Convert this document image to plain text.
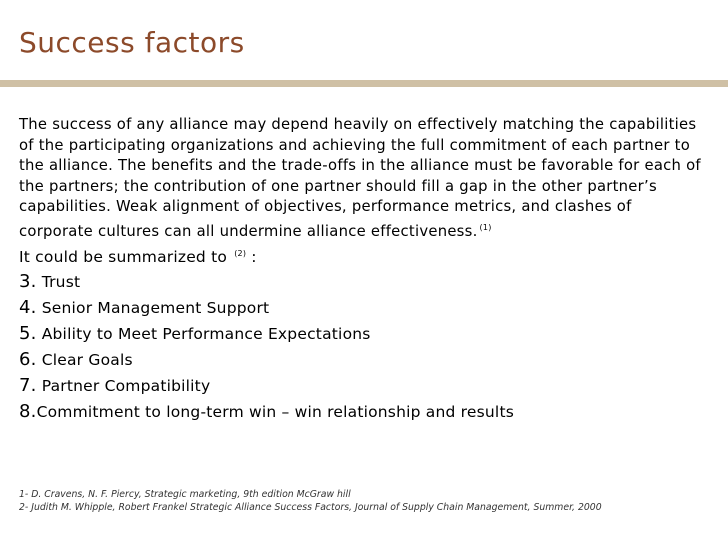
Success factors

The success of any alliance may depend heavily on effectively matching the capabilities of the participating organizations and achieving the full commitment of each partner to the alliance. The benefits and the trade-offs in the alliance must be favorable for each of the partners; the contribution of one partner should fill a gap in the other partner’s capabilities. Weak alignment of objectives, performance metrics, and clashes of corporate cultures can all undermine alliance effectiveness. $^{(1)}$

It could be summarized to $^{(2)}$ :

3. Trust
4. Senior Management Support
5. Ability to Meet Performance Expectations
6. Clear Goals
7. Partner Compatibility
8.Commitment to long-term win – win relationship and results
1- D. Cravens, N. F. Piercy, Strategic marketing, 9th edition McGraw hill
2- Judith M. Whipple, Robert Frankel Strategic Alliance Success Factors, Journal of Supply Chain Management, Summer, 2000
